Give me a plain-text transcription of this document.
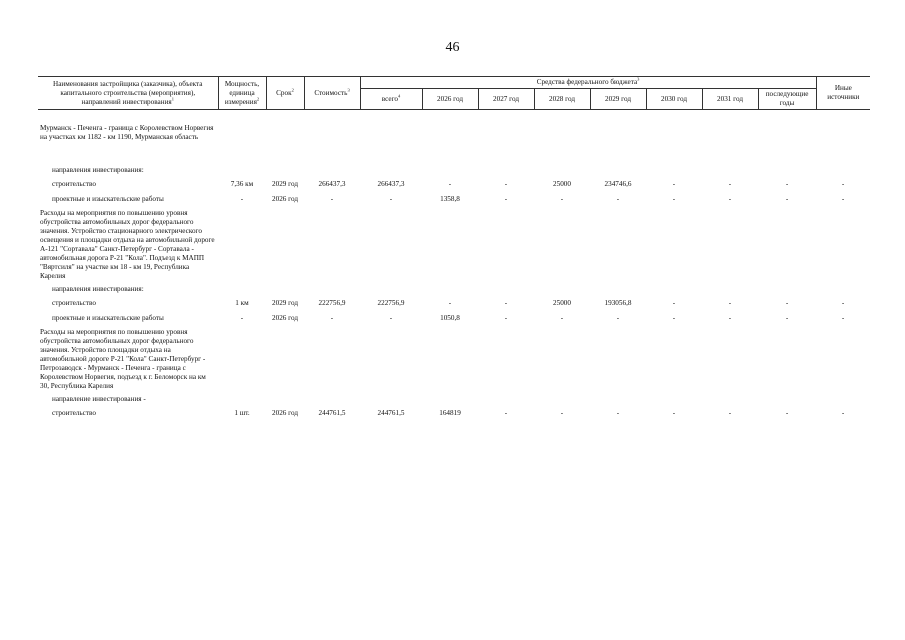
46
Наименования застройщика (заказчика), объекта капитального строительства (мероприятия), направлений инвестирования$^1$	Мощность, единица измерения$^2$	Срок$^2$	Стоимость$^3$	Средства федерального бюджета$^3$								Иные источники
				всего$^4$	2026 год	2027 год	2028 год	2029 год	2030 год	2031 год	последующие годы	

Мурманск - Печенга - граница с Королевством Норвегия на участках км 1182 - км 1190, Мурманская область												

направления инвестирования:												
строительство	7,36 км	2029 год	266437,3	266437,3	-	-	25000	234746,6	-	-	-	-
проектные и изыскательские работы	-	2026 год	-	-	1358,8	-	-	-	-	-	-	-
Расходы на мероприятия по повышению уровня обустройства автомобильных дорог федерального значения. Устройство стационарного электрического освещения и площадки отдыха на автомобильной дороге А-121 "Сортавала" Санкт-Петербург - Сортавала - автомобильная дорога Р-21 "Кола". Подъезд к МАПП "Вяртсиля" на участке км 18 - км 19, Республика Карелия												
направления инвестирования:												
строительство	1 км	2029 год	222756,9	222756,9	-	-	25000	193056,8	-	-	-	-
проектные и изыскательские работы	-	2026 год	-	-	1050,8	-	-	-	-	-	-	-
Расходы на мероприятия по повышению уровня обустройства автомобильных дорог федерального значения. Устройство площадки отдыха на автомобильной дороге Р-21 "Кола" Санкт-Петербург - Петрозаводск - Мурманск - Печенга - граница с Королевством Норвегия, подъезд к г. Беломорск на км 30, Республика Карелия												
направление инвестирования -												
строительство	1 шт.	2026 год	244761,5	244761,5	164819	-	-	-	-	-	-	-
